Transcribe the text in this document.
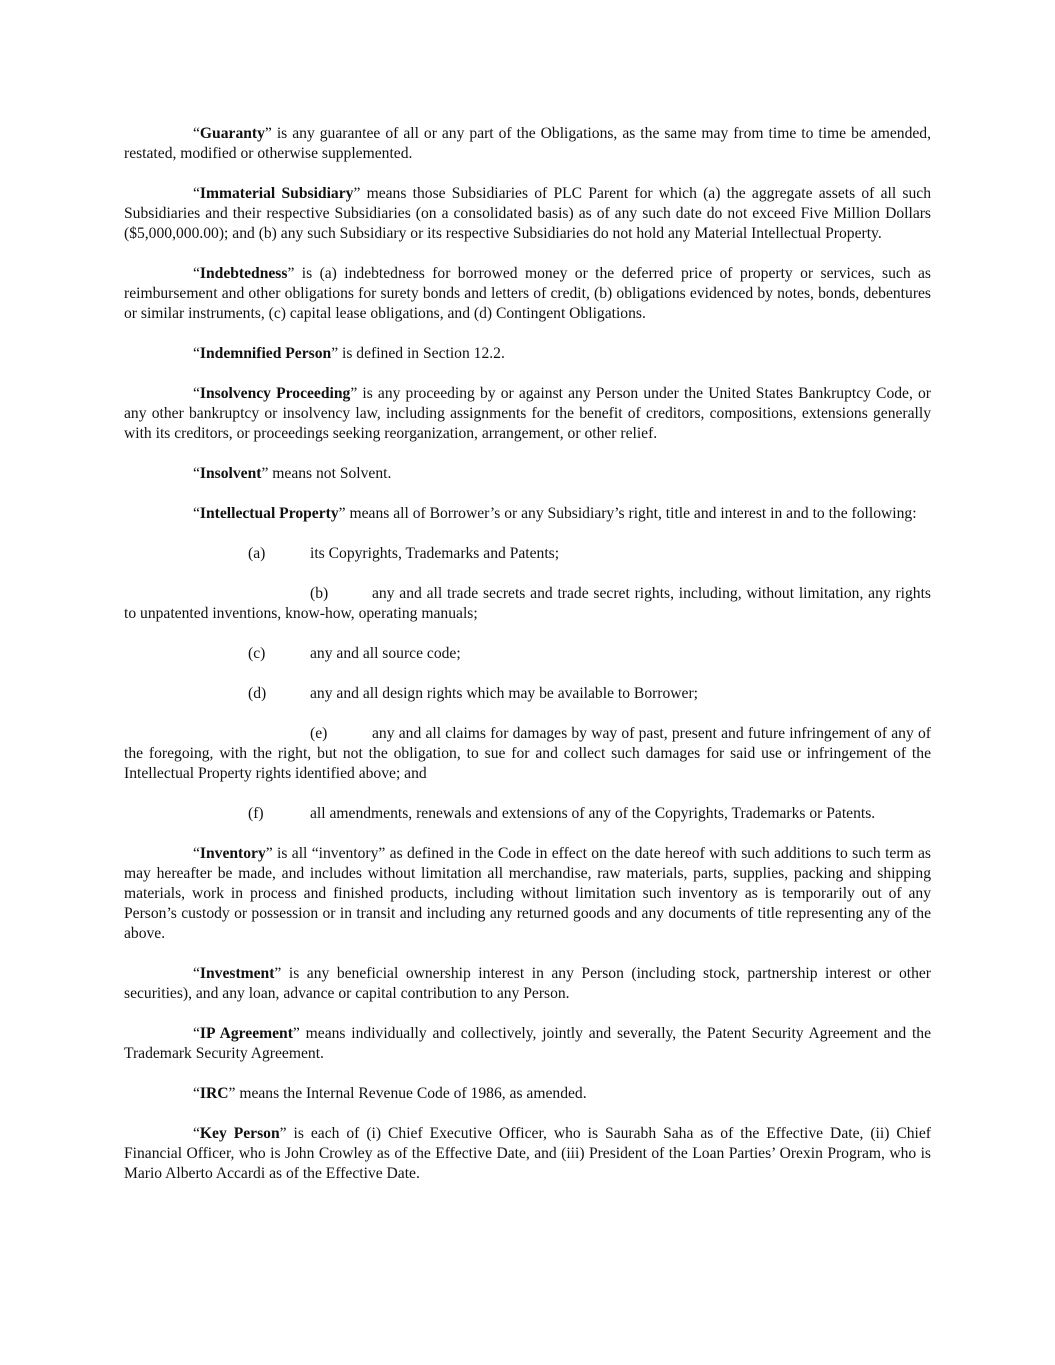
“Guaranty” is any guarantee of all or any part of the Obligations, as the same may from time to time be amended, restated, modified or otherwise supplemented.

“Immaterial Subsidiary” means those Subsidiaries of PLC Parent for which (a) the aggregate assets of all such Subsidiaries and their respective Subsidiaries (on a consolidated basis) as of any such date do not exceed Five Million Dollars ($5,000,000.00); and (b) any such Subsidiary or its respective Subsidiaries do not hold any Material Intellectual Property.

“Indebtedness” is (a) indebtedness for borrowed money or the deferred price of property or services, such as reimbursement and other obligations for surety bonds and letters of credit, (b) obligations evidenced by notes, bonds, debentures or similar instruments, (c) capital lease obligations, and (d) Contingent Obligations.

“Indemnified Person” is defined in Section 12.2.

“Insolvency Proceeding” is any proceeding by or against any Person under the United States Bankruptcy Code, or any other bankruptcy or insolvency law, including assignments for the benefit of creditors, compositions, extensions generally with its creditors, or proceedings seeking reorganization, arrangement, or other relief.

“Insolvent” means not Solvent.

“Intellectual Property” means all of Borrower’s or any Subsidiary’s right, title and interest in and to the following:

(a)	its Copyrights, Trademarks and Patents;

(b)	any and all trade secrets and trade secret rights, including, without limitation, any rights to unpatented inventions, know-how, operating manuals;

(c)	any and all source code;

(d)	any and all design rights which may be available to Borrower;

(e)	any and all claims for damages by way of past, present and future infringement of any of the foregoing, with the right, but not the obligation, to sue for and collect such damages for said use or infringement of the Intellectual Property rights identified above; and

(f)	all amendments, renewals and extensions of any of the Copyrights, Trademarks or Patents.

“Inventory” is all “inventory” as defined in the Code in effect on the date hereof with such additions to such term as may hereafter be made, and includes without limitation all merchandise, raw materials, parts, supplies, packing and shipping materials, work in process and finished products, including without limitation such inventory as is temporarily out of any Person’s custody or possession or in transit and including any returned goods and any documents of title representing any of the above.

“Investment” is any beneficial ownership interest in any Person (including stock, partnership interest or other securities), and any loan, advance or capital contribution to any Person.

“IP Agreement” means individually and collectively, jointly and severally, the Patent Security Agreement and the Trademark Security Agreement.

“IRC” means the Internal Revenue Code of 1986, as amended.

“Key Person” is each of (i) Chief Executive Officer, who is Saurabh Saha as of the Effective Date, (ii) Chief Financial Officer, who is John Crowley as of the Effective Date, and (iii) President of the Loan Parties’ Orexin Program, who is Mario Alberto Accardi as of the Effective Date.
